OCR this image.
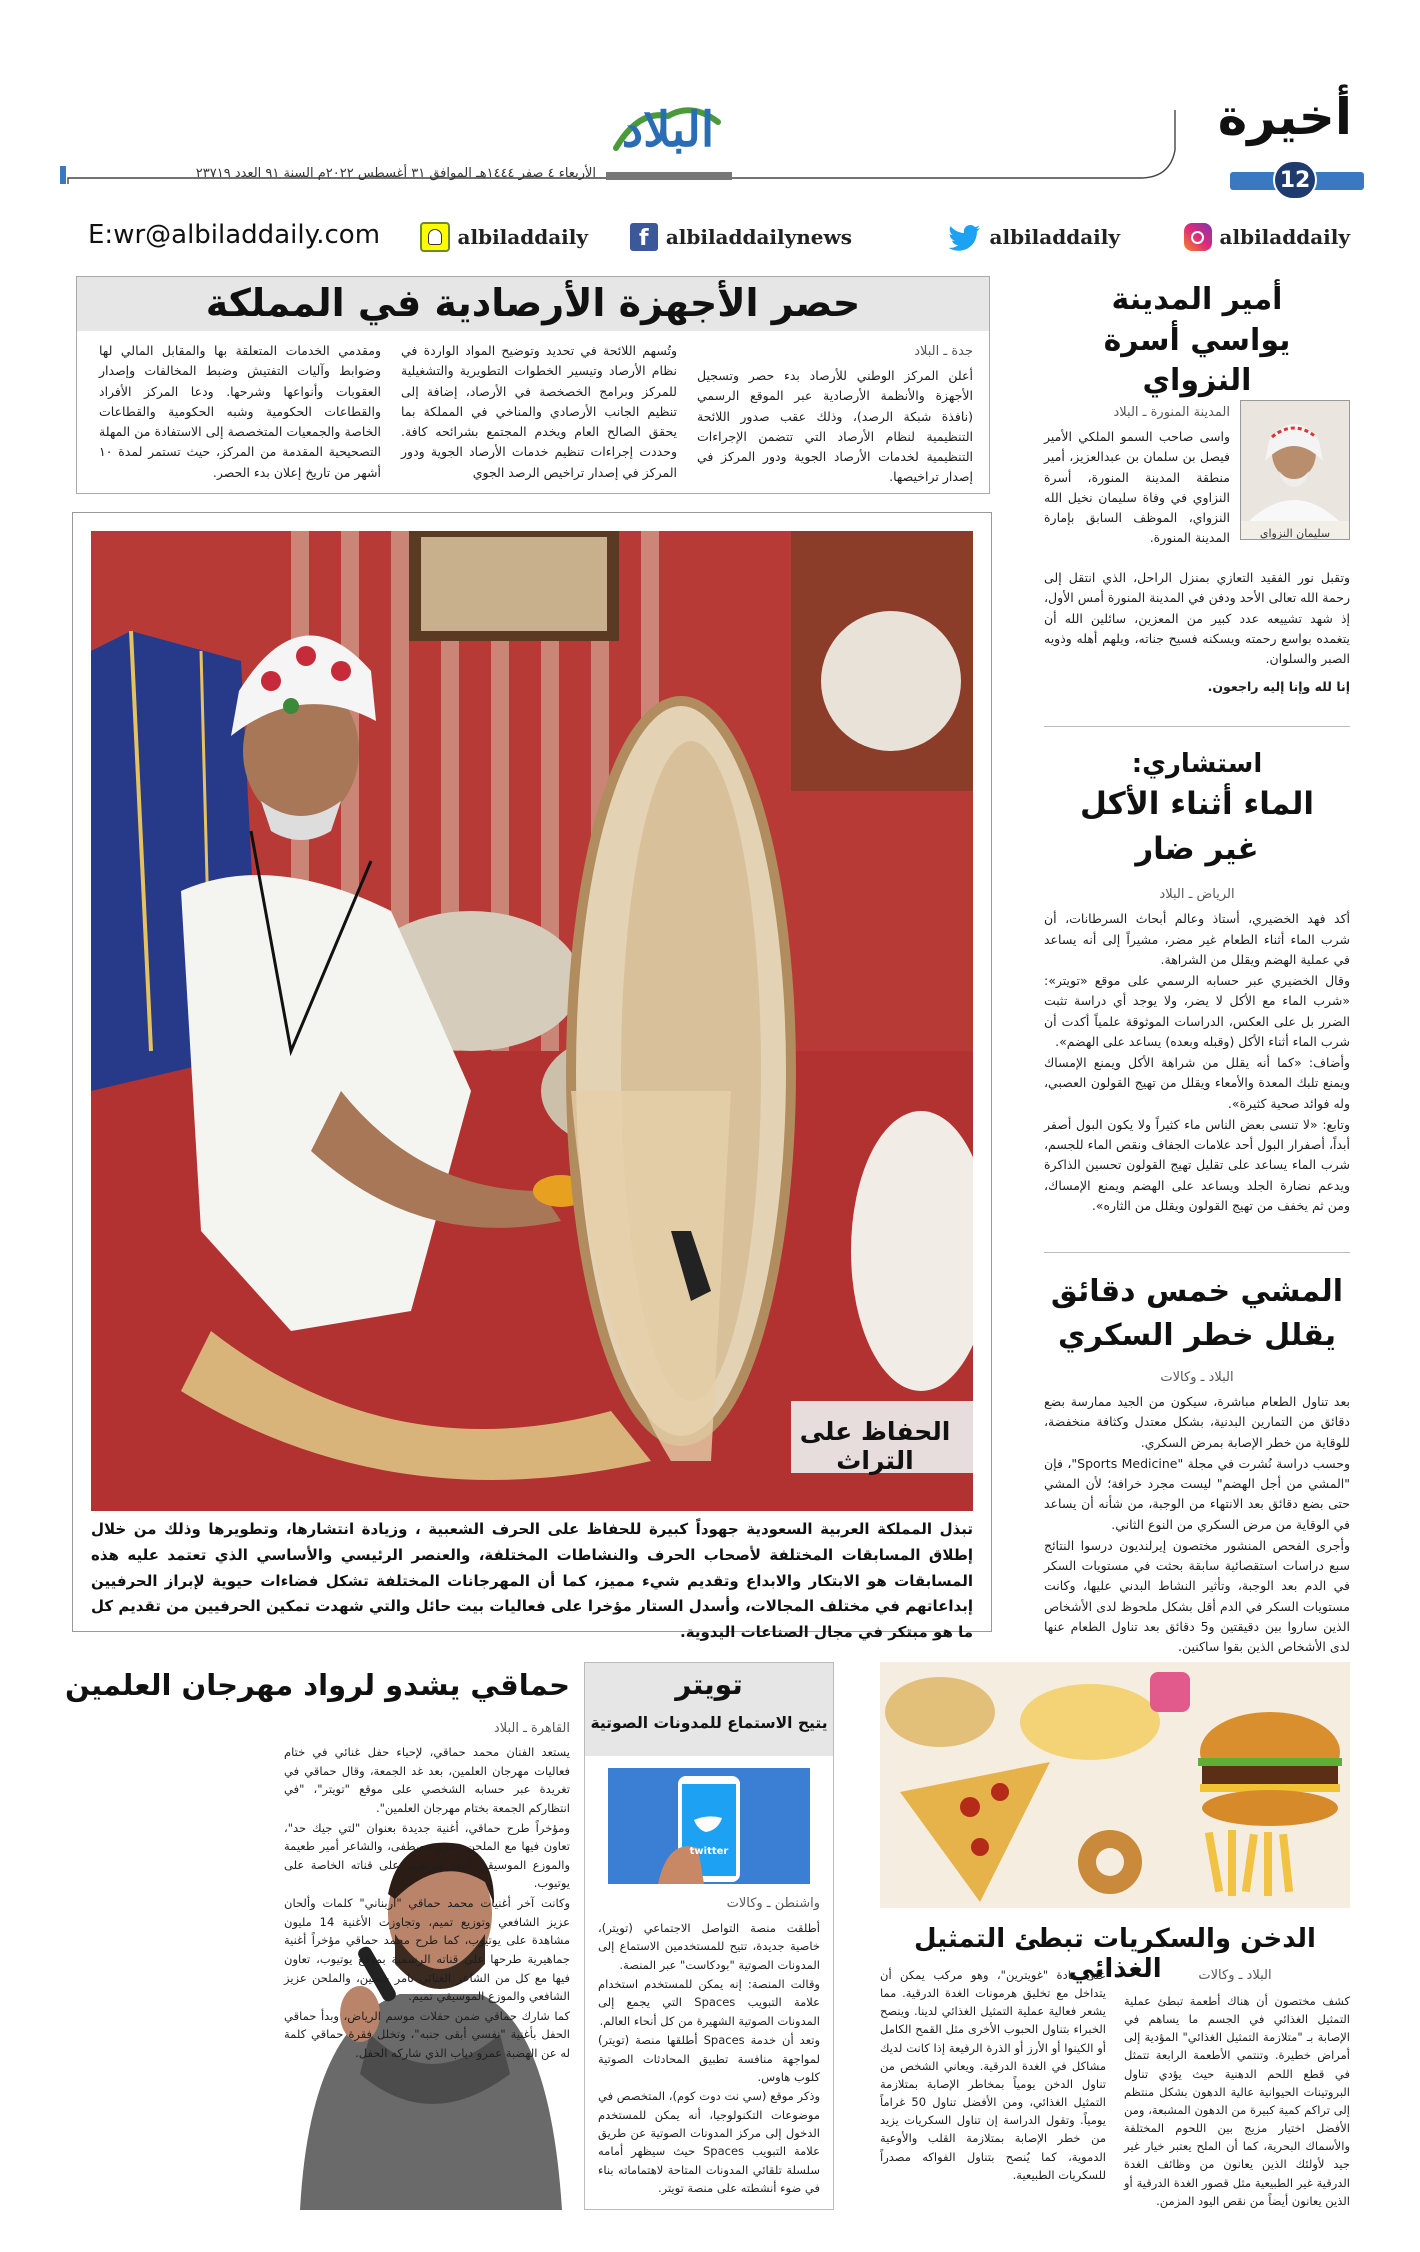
أخيرة
12
البلاد
الأربعاء ٤ صفر ١٤٤٤هـ الموافق ٣١ أغسطس ٢٠٢٢م السنة ٩١ العدد ٢٣٧١٩
albiladdaily
albiladdaily
f albiladdailynews
albiladdaily
E:wr@albiladdaily.com
حصر الأجهزة الأرصادية في المملكة
جدة ـ البلاد

أعلن المركز الوطني للأرصاد بدء حصر وتسجيل الأجهزة والأنظمة الأرصادية عبر الموقع الرسمي (نافذة شبكة الرصد)، وذلك عقب صدور اللائحة التنظيمية لنظام الأرصاد التي تتضمن الإجراءات التنظيمية لخدمات الأرصاد الجوية ودور المركز في إصدار تراخيصها.

وتُسهم اللائحة في تحديد وتوضيح المواد الواردة في نظام الأرصاد وتيسير الخطوات التطويرية والتشغيلية للمركز وبرامج الخصخصة في الأرصاد، إضافة إلى تنظيم الجانب الأرصادي والمناخي في المملكة بما يحقق الصالح العام ويخدم المجتمع بشرائحه كافة. وحددت إجراءات تنظيم خدمات الأرصاد الجوية ودور المركز في إصدار تراخيص الرصد الجوي

ومقدمي الخدمات المتعلقة بها والمقابل المالي لها وضوابط وآليات التفتيش وضبط المخالفات وإصدار العقوبات وأنواعها وشرحها. ودعا المركز الأفراد والقطاعات الحكومية وشبه الحكومية والقطاعات الخاصة والجمعيات المتخصصة إلى الاستفادة من المهلة التصحيحية المقدمة من المركز، حيث تستمر لمدة ١٠ أشهر من تاريخ إعلان بدء الحصر.

أمير المدينة
يواسي أسرة النزواي
سليمان النزواي
المدينة المنورة ـ البلاد

واسى صاحب السمو الملكي الأمير فيصل بن سلمان بن عبدالعزيز، أمير منطقة المدينة المنورة، أسرة النزاوي في وفاة سليمان نخيل الله النزواي، الموظف السابق بإمارة المدينة المنورة.

وتقبل نور الفقيد التعازي بمنزل الراحل، الذي انتقل إلى رحمة الله تعالى الأحد ودفن في المدينة المنورة أمس الأول، إذ شهد تشييعه عدد كبير من المعزين، سائلين الله أن يتغمده بواسع رحمته ويسكنه فسيح جناته، ويلهم أهله وذويه الصبر والسلوان.

إنا لله وإنا إليه راجعون.

استشاري:
الماء أثناء الأكل
غير ضار
الرياض ـ البلاد

أكد فهد الخضيري، أستاذ وعالم أبحاث السرطانات، أن شرب الماء أثناء الطعام غير مضر، مشيراً إلى أنه يساعد في عملية الهضم ويقلل من الشراهة.

وقال الخضيري عبر حسابه الرسمي على موقع «تويتر»: «شرب الماء مع الأكل لا يضر، ولا يوجد أي دراسة تثبت الضرر بل على العكس، الدراسات الموثوقة علمياً أكدت أن شرب الماء أثناء الأكل (وقبله وبعده) يساعد على الهضم».

وأضاف: «كما أنه يقلل من شراهة الأكل ويمنع الإمساك ويمنع تلبك المعدة والأمعاء ويقلل من تهيج القولون العصبي، وله فوائد صحية كثيرة».

وتابع: «لا تنسى بعض الناس ماء كثيراً ولا يكون البول أصفر أبداً، أصفرار البول أحد علامات الجفاف ونقص الماء للجسم، شرب الماء يساعد على تقليل تهيج القولون تحسين الذاكرة ويدعم نضارة الجلد ويساعد على الهضم ويمنع الإمساك، ومن ثم يخفف من تهيج القولون ويقلل من الثاره».

المشي خمس دقائق
يقلل خطر السكري
البلاد ـ وكالات

بعد تناول الطعام مباشرة، سيكون من الجيد ممارسة بضع دقائق من التمارين البدنية، بشكل معتدل وكثافة منخفضة، للوقاية من خطر الإصابة بمرض السكري.

وحسب دراسة نُشرت في مجلة "Sports Medicine"، فإن "المشي من أجل الهضم" ليست مجرد خرافة؛ لأن المشي حتى بضع دقائق بعد الانتهاء من الوجبة، من شأنه أن يساعد في الوقاية من مرض السكري من النوع الثاني.

وأجرى الفحص المنشور مختصون إيرلنديون درسوا النتائج سبع دراسات استقصائية سابقة بحثت في مستويات السكر في الدم بعد الوجبة، وتأثير النشاط البدني عليها، وكانت مستويات السكر في الدم أقل بشكل ملحوظ لدى الأشخاص الذين ساروا بين دقيقتين و5 دقائق بعد تناول الطعام عنها لدى الأشخاص الذين بقوا ساكنين.

الحفاظ على التراث
تبذل المملكة العربية السعودية جهوداً كبيرة للحفاظ على الحرف الشعبية ، وزيادة انتشارها، وتطويرها وذلك من خلال إطلاق المسابقات المختلفة لأصحاب الحرف والنشاطات المختلفة، والعنصر الرئيسي والأساسي الذي تعتمد عليه هذه المسابقات هو الابتكار والابداع وتقديم شيء مميز، كما أن المهرجانات المختلفة تشكل فضاءات حيوية لإبراز الحرفيين إبداعاتهم في مختلف المجالات، وأسدل الستار مؤخرا على فعاليات بيت حائل والتي شهدت تمكين الحرفيين من تقديم كل ما هو مبتكر في مجال الصناعات اليدوية.
الدخن والسكريات تبطئ التمثيل الغذائي	البلاد ـ وكالات
كشف مختصون أن هناك أطعمة تبطئ عملية التمثيل الغذائي في الجسم ما يساهم في الإصابة بـ "متلازمة التمثيل الغذائي" المؤدية إلى أمراض خطيرة. وتنتمي الأطعمة الرابعة تتمثل في قطع اللحم الدهنية حيث يؤدي تناول البروتينات الحيوانية عالية الدهون بشكل منتظم إلى تراكم كمية كبيرة من الدهون المشبعة، ومن الأفضل اختيار مزيج بين اللحوم المختلفة والأسماك البحرية، كما أن الملح يعتبر خيار غير جيد لأولئك الذين يعانون من وظائف الغدة الدرقية غير الطبيعية مثل قصور الغدة الدرقية أو الذين يعانون أيضاً من نقص اليود المزمن.
على مادة "غويترين"، وهو مركب يمكن أن يتداخل مع تخليق هرمونات الغدة الدرقية. مما يشعر فعالية عملية التمثيل الغذائي لدينا. وينصح الخبراء بتناول الحبوب الأخرى مثل القمح الكامل أو الكينوا أو الأرز أو الذرة الرفيعة إذا كانت لديك مشاكل في الغدة الدرقية. ويعاني الشخص من تناول الدخن يومياً بمخاطر الإصابة بمتلازمة التمثيل الغذائي، ومن الأفضل تناول 50 غراماً يومياً. وتقول الدراسة إن تناول السكريات يزيد من خطر الإصابة بمتلازمة القلب والأوعية الدموية، كما يُنصح بتناول الفواكه مصدراً للسكريات الطبيعية.
تويتر
يتيح الاستماع للمدونات الصوتية
twitter
واشنطن ـ وكالات

أطلقت منصة التواصل الاجتماعي (تويتر)، خاصية جديدة، تتيح للمستخدمين الاستماع إلى المدونات الصوتية "بودكاست" عبر المنصة.

وقالت المنصة: إنه يمكن للمستخدم استخدام علامة التبويب Spaces التي يجمع إلى المدونات الصوتية الشهيرة من كل أنحاء العالم.

وتعد أن خدمة Spaces أطلقها منصة (تويتر) لمواجهة منافسة تطبيق المحادثات الصوتية كلوب هاوس.

وذكر موقع (سي نت دوت كوم)، المتخصص في موضوعات التكنولوجيا، أنه يمكن للمستخدم الدخول إلى مركز المدونات الصوتية عن طريق علامة التبويب Spaces حيث سيظهر أمامه سلسلة تلقائي المدونات المتاحة لاهتماماته بناء في ضوء أنشطته على منصة تويتر.

حماقي يشدو لرواد مهرجان العلمين
القاهرة ـ البلاد

يستعد الفنان محمد حماقي، لإحياء حفل غنائي في ختام فعاليات مهرجان العلمين، بعد غد الجمعة، وقال حماقي في تغريدة عبر حسابه الشخصي على موقع "تويتر"، "في انتظاركم الجمعة بختام مهرجان العلمين".

ومؤخراً طرح حماقي، أغنية جديدة بعنوان "لتي جيك حد"، تعاون فيها مع الملحن عمرو مصطفى، والشاعر أمير طعيمة والموزع الموسيقي أحمد إبراهيم، على قناته الخاصة على يوتيوب.

وكانت آخر أغنيات محمد حماقي "أربناني" كلمات وألحان عزيز الشافعي وتوزيع تميم، وتجاوزت الأغنية 14 مليون مشاهدة على يوتيوب، كما طرح محمد حماقي مؤخراً أغنية جماهيرية طرحها على قناته الرسمية بموقع يوتيوب، تعاون فيها مع كل من الشاعر الغنائي تامر حسين، والملحن عزيز الشافعي والموزع الموسيقي تميم.

كما شارك حماقي ضمن حفلات موسم الرياض، وبدأ حماقي الحفل بأغنية "نفسي أبقى جنبه"، وتخلل فقرة حماقي كلمة له عن الهضبة عمرو دياب الذي شاركه الحفل.
